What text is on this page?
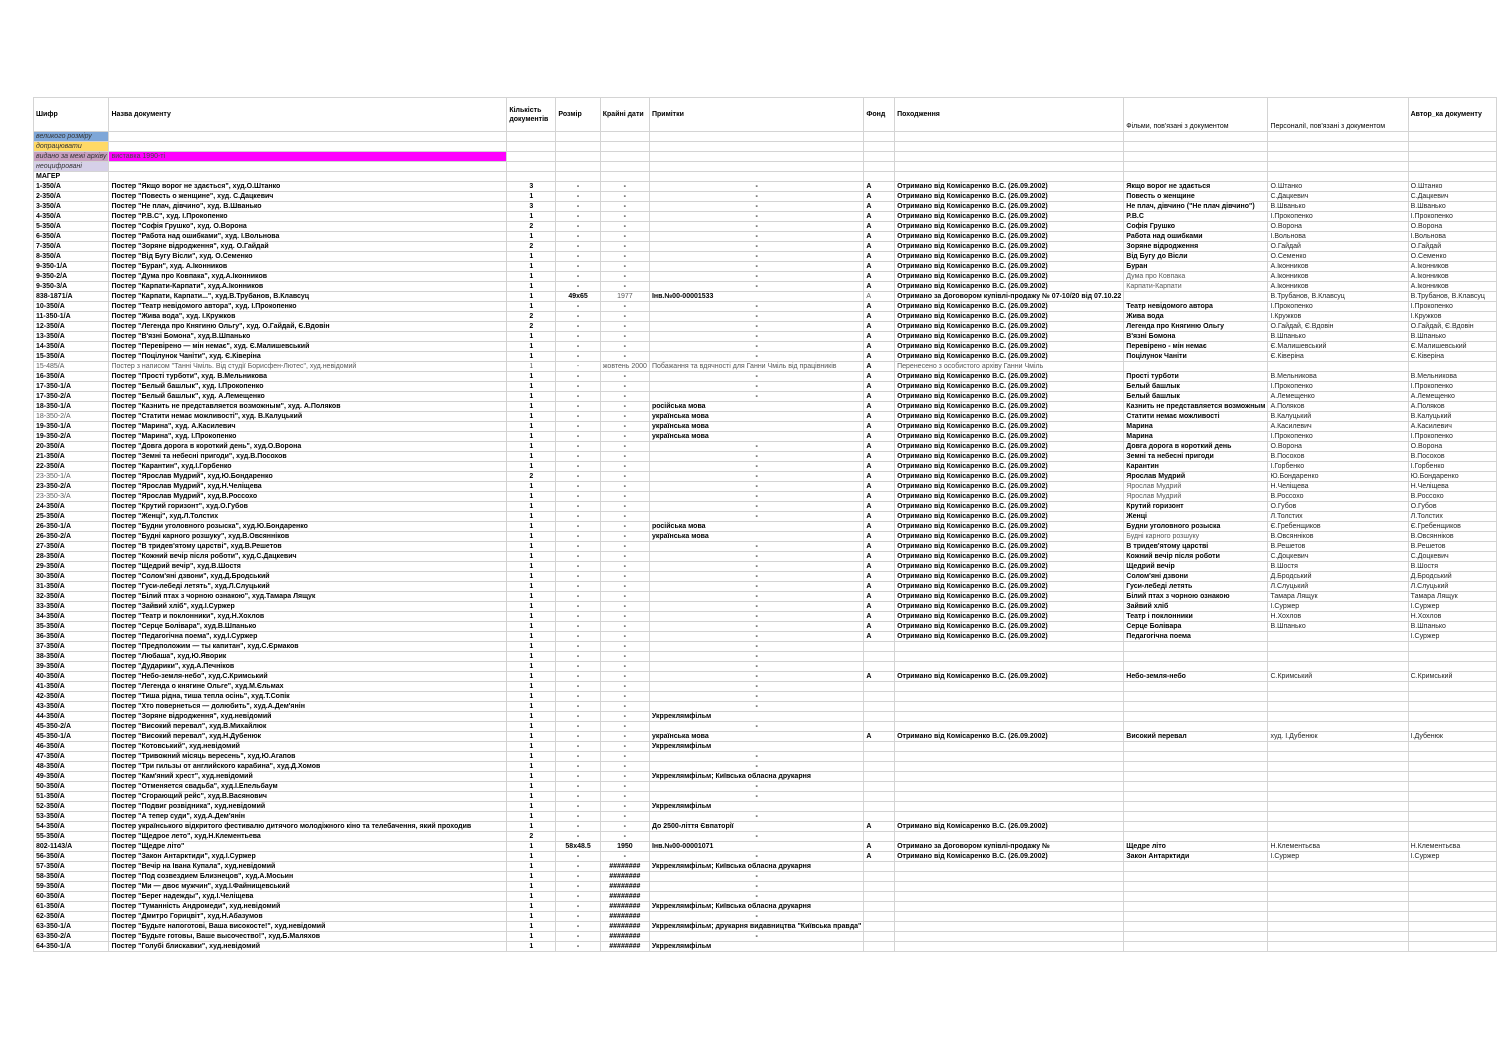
Шифр	Назва документу	Кількість документів	Розмір	Крайні дати	Примітки	Фонд	Походження	Фільми, пов'язані з документом	Персоналії, пов'язані з документом	Автор_ка документу
великого розміру										
допрацювати										
видано за межі архіву	виставка 1990-ті									
неоцифровані										
МАГЕР										
1-350/А	Постер "Якщо ворог не здається", худ.О.Штанко	3	-	-	-	А	Отримано від Комісаренко В.С. (26.09.2002)	Якщо ворог не здається	О.Штанко	О.Штанко
2-350/А	Постер "Повесть о женщине", худ. С.Дацкевич	1	-	-	-	А	Отримано від Комісаренко В.С. (26.09.2002)	Повесть о женщине	С.Дацкевич	С.Дацкевич
3-350/А	Постер "Не плач, дівчино", худ. В.Шванько	3	-	-	-	А	Отримано від Комісаренко В.С. (26.09.2002)	Не плач, дівчино ("Не плач дівчино")	В.Шванько	В.Шванько
4-350/А	Постер "Р.В.С", худ. І.Прокопенко	1	-	-	-	А	Отримано від Комісаренко В.С. (26.09.2002)	Р.В.С	І.Прокопенко	І.Прокопенко
5-350/А	Постер "Софія Грушко", худ. О.Ворона	2	-	-	-	А	Отримано від Комісаренко В.С. (26.09.2002)	Софія Грушко	О.Ворона	О.Ворона
6-350/А	Постер "Работа над ошибками", худ. І.Вольнова	1	-	-	-	А	Отримано від Комісаренко В.С. (26.09.2002)	Работа над ошибками	І.Вольнова	І.Вольнова
7-350/А	Постер "Зоряне відродження", худ. О.Гайдай	2	-	-	-	А	Отримано від Комісаренко В.С. (26.09.2002)	Зоряне відродження	О.Гайдай	О.Гайдай
8-350/А	Постер "Від Бугу Вісли", худ. О.Семенко	1	-	-	-	А	Отримано від Комісаренко В.С. (26.09.2002)	Від Бугу до Вісли	О.Семенко	О.Семенко
9-350-1/А	Постер "Буран", худ. А.Іконников	1	-	-	-	А	Отримано від Комісаренко В.С. (26.09.2002)	Буран	А.Іконников	А.Іконников
9-350-2/А	Постер "Дума про Ковпака", худ.А.Іконников	1	-	-	-	А	Отримано від Комісаренко В.С. (26.09.2002)	Дума про Ковпака	А.Іконников	А.Іконников
9-350-3/А	Постер "Карпати-Карпати", худ.А.Іконников	1	-	-	-	А	Отримано від Комісаренко В.С. (26.09.2002)	Карпати-Карпати	А.Іконников	А.Іконников
838-1871/А	Постер "Карпати, Карпати...", худ.В.Трубанов, В.Клавсуц	1	49х65	1977	Інв.№00-00001533	А	Отримано за Договором купівлі-продажу № 07-10/20 від 07.10.22		В.Трубанов, В.Клавсуц	В.Трубанов, В.Клавсуц
10-350/А	Постер "Театр невідомого автора", худ. І.Прокопенко	1	-	-	-	А	Отримано від Комісаренко В.С. (26.09.2002)	Театр невідомого автора	І.Прокопенко	І.Прокопенко
11-350-1/А	Постер "Жива вода", худ. І.Кружков	2	-	-	-	А	Отримано від Комісаренко В.С. (26.09.2002)	Жива вода	І.Кружков	І.Кружков
12-350/А	Постер "Легенда про Княгиню Ольгу", худ. О.Гайдай, Є.Вдовін	2	-	-	-	А	Отримано від Комісаренко В.С. (26.09.2002)	Легенда про Княгиню Ольгу	О.Гайдай, Є.Вдовін	О.Гайдай, Є.Вдовін
13-350/А	Постер "В'язні Бомона", худ.В.Шпанько	1	-	-	-	А	Отримано від Комісаренко В.С. (26.09.2002)	В'язні Бомона	В.Шпанько	В.Шпанько
14-350/А	Постер "Перевірено — мін немає", худ. Є.Малишевський	1	-	-	-	А	Отримано від Комісаренко В.С. (26.09.2002)	Перевірено - мін немає	Є.Малишевський	Є.Малишевський
15-350/А	Постер "Поцілунок Чаніти", худ. Є.Ківеріна	1	-	-	-	А	Отримано від Комісаренко В.С. (26.09.2002)	Поцілунок Чаніти	Є.Ківеріна	Є.Ківеріна
15-485/А	Постер з написом "Танні Чміль. Від студії Борисфен-Лютес", худ.невідомий	1	-	жовтень 2000	Побажання та вдячності для Ганни Чміль від працівників	А	Перенесено з особистого архіву Ганни Чміль			
16-350/А	Постер "Прості турботи", худ. В.Мельникова	1	-	-	-	А	Отримано від Комісаренко В.С. (26.09.2002)	Прості турботи	В.Мельникова	В.Мельникова
17-350-1/А	Постер "Белый башлык", худ. І.Прокопенко	1	-	-	-	А	Отримано від Комісаренко В.С. (26.09.2002)	Белый башлык	І.Прокопенко	І.Прокопенко
17-350-2/А	Постер "Белый башлык", худ. А.Лемещенко	1	-	-	-	А	Отримано від Комісаренко В.С. (26.09.2002)	Белый башлык	А.Лемещенко	А.Лемещенко
18-350-1/А	Постер "Казнить не представляется возможным", худ. А.Поляков	1	-	-	російська мова	А	Отримано від Комісаренко В.С. (26.09.2002)	Казнить не представляется возможным	А.Поляков	А.Поляков
18-350-2/А	Постер "Статити немає можливості", худ. В.Калуцький	1	-	-	українська мова	А	Отримано від Комісаренко В.С. (26.09.2002)	Статити немає можливості	В.Калуцький	В.Калуцький
19-350-1/А	Постер "Марина", худ. А.Касилевич	1	-	-	українська мова	А	Отримано від Комісаренко В.С. (26.09.2002)	Марина	А.Касилевич	А.Касилевич
19-350-2/А	Постер "Марина", худ. І.Прокопенко	1	-	-	українська мова	А	Отримано від Комісаренко В.С. (26.09.2002)	Марина	І.Прокопенко	І.Прокопенко
20-350/А	Постер "Довга дорога в короткий день", худ.О.Ворона	1	-	-	-	А	Отримано від Комісаренко В.С. (26.09.2002)	Довга дорога в короткий день	О.Ворона	О.Ворона
21-350/А	Постер "Земні та небесні пригоди", худ.В.Посохов	1	-	-	-	А	Отримано від Комісаренко В.С. (26.09.2002)	Земні та небесні пригоди	В.Посохов	В.Посохов
22-350/А	Постер "Карантин", худ.І.Горбенко	1	-	-	-	А	Отримано від Комісаренко В.С. (26.09.2002)	Карантин	І.Горбенко	І.Горбенко
23-350-1/А	Постер "Ярослав Мудрий", худ.Ю.Бондаренко	2	-	-	-	А	Отримано від Комісаренко В.С. (26.09.2002)	Ярослав Мудрий	Ю.Бондаренко	Ю.Бондаренко
23-350-2/А	Постер "Ярослав Мудрий", худ.Н.Челіщева	1	-	-	-	А	Отримано від Комісаренко В.С. (26.09.2002)	Ярослав Мудрий	Н.Челіщева	Н.Челіщева
23-350-3/А	Постер "Ярослав Мудрий", худ.В.Россохо	1	-	-	-	А	Отримано від Комісаренко В.С. (26.09.2002)	Ярослав Мудрий	В.Россохо	В.Россохо
24-350/А	Постер "Крутий горизонт", худ.О.Губов	1	-	-	-	А	Отримано від Комісаренко В.С. (26.09.2002)	Крутий горизонт	О.Губов	О.Губов
25-350/А	Постер "Женці", худ.Л.Толстих	1	-	-	-	А	Отримано від Комісаренко В.С. (26.09.2002)	Женці	Л.Толстих	Л.Толстих
26-350-1/А	Постер "Будни уголовного розыска", худ.Ю.Бондаренко	1	-	-	російська мова	А	Отримано від Комісаренко В.С. (26.09.2002)	Будни уголовного розыска	Є.Гребенщиков	Є.Гребенщиков
26-350-2/А	Постер "Будні карного розшуку", худ.В.Овсянніков	1	-	-	українська мова	А	Отримано від Комісаренко В.С. (26.09.2002)	Будні карного розшуку	В.Овсянніков	В.Овсянніков
27-350/А	Постер "В тридев'ятому царстві", худ.В.Решетов	1	-	-	-	А	Отримано від Комісаренко В.С. (26.09.2002)	В тридев'ятому царстві	В.Решетов	В.Решетов
28-350/А	Постер "Кожний вечір після роботи", худ.С.Дацкевич	1	-	-	-	А	Отримано від Комісаренко В.С. (26.09.2002)	Кожний вечір після роботи	С.Доцкевич	С.Доцкевич
29-350/А	Постер "Щедрий вечір", худ.В.Шостя	1	-	-	-	А	Отримано від Комісаренко В.С. (26.09.2002)	Щедрий вечір	В.Шостя	В.Шостя
30-350/А	Постер "Солом'яні дзвони", худ.Д.Бродський	1	-	-	-	А	Отримано від Комісаренко В.С. (26.09.2002)	Солом'яні дзвони	Д.Бродський	Д.Бродський
31-350/А	Постер "Гуси-лебеді летять", худ.Л.Слуцький	1	-	-	-	А	Отримано від Комісаренко В.С. (26.09.2002)	Гуси-лебеді летять	Л.Слуцький	Л.Слуцький
32-350/А	Постер "Білий птах з чорною ознакою", худ.Тамара Лящук	1	-	-	-	А	Отримано від Комісаренко В.С. (26.09.2002)	Білий птах з чорною ознакою	Тамара Лящук	Тамара Лящук
33-350/А	Постер "Зайвий хліб", худ.І.Суржер	1	-	-	-	А	Отримано від Комісаренко В.С. (26.09.2002)	Зайвий хліб	І.Суржер	І.Суржер
34-350/А	Постер "Театр и поклонники", худ.Н.Хохлов	1	-	-	-	А	Отримано від Комісаренко В.С. (26.09.2002)	Театр і поклонники	Н.Хохлов	Н.Хохлов
35-350/А	Постер "Серце Болівара", худ.В.Шпанько	1	-	-	-	А	Отримано від Комісаренко В.С. (26.09.2002)	Серце Болівара	В.Шпанько	В.Шпанько
36-350/А	Постер "Педагогічна поема", худ.І.Суржер	1	-	-	-	А	Отримано від Комісаренко В.С. (26.09.2002)	Педагогічна поема		І.Суржер
37-350/А	Постер "Предположим — ты капитан", худ.С.Єрмаков	1	-	-	-					
38-350/А	Постер "Любаша", худ.Ю.Яворик	1	-	-	-					
39-350/А	Постер "Дударики", худ.А.Печніков	1	-	-	-					
40-350/А	Постер "Небо-земля-небо", худ.С.Кримський	1	-	-	-	А	Отримано від Комісаренко В.С. (26.09.2002)	Небо-земля-небо	С.Кримський	С.Кримський
41-350/А	Постер "Легенда о княгине Ольге", худ.М.Єльмах	1	-	-	-					
42-350/А	Постер "Тиша рідна, тиша тепла осінь", худ.Т.Сопік	1	-	-	-					
43-350/А	Постер "Хто повернеться — долюбить", худ.А.Дем'янін	1	-	-	-					
44-350/А	Постер "Зоряне відродження", худ.невідомий	1	-	-	Укрреклямфільм					
45-350-2/А	Постер "Високий перевал", худ.В.Михайлюк	1	-	-	-					
45-350-1/А	Постер "Високий перевал", худ.Н.Дубенюк	1	-	-	українська мова	А	Отримано від Комісаренко В.С. (26.09.2002)	Високий перевал	худ. І.Дубенюк	І.Дубенюк
46-350/А	Постер "Котовський", худ.невідомий	1	-	-	Укрреклямфільм					
47-350/А	Постер "Тривожний місяць вересень", худ.Ю.Агапов	1	-	-	-					
48-350/А	Постер "Три гильзы от английского карабина", худ.Д.Хомов	1	-	-	-					
49-350/А	Постер "Кам'яний хрест", худ.невідомий	1	-	-	Укрреклямфільм; Київська обласна друкарня					
50-350/А	Постер "Отменяется свадьба", худ.І.Епельбаум	1	-	-	-					
51-350/А	Постер "Сгорающий рейс", худ.В.Васянович	1	-	-	-					
52-350/А	Постер "Подвиг розвідника", худ.невідомий	1	-	-	Укрреклямфільм					
53-350/А	Постер "А тепер суди", худ.А.Дем'янін	1	-	-	-					
54-350/А	Постер українського відкритого фестивалю дитячого молодіжного кіно та телебачення, який проходив	1	-	-	До 2500-ліття Євпаторії	А	Отримано від Комісаренко В.С. (26.09.2002)			
55-350/А	Постер "Щедрое лето", худ.Н.Клементьева	2	-	-	-					
802-1143/А	Постер "Щедре літо"	1	58х48.5	1950	Інв.№00-00001071	А	Отримано за Договором купівлі-продажу №	Щедре літо	Н.Клементьєва	Н.Клементьєва
56-350/А	Постер "Закон Антарктиди", худ.І.Суржер	1	-	-	-	А	Отримано від Комісаренко В.С. (26.09.2002)	Закон Антарктиди	І.Суржер	І.Суржер
57-350/А	Постер "Вечір на Івана Купала", худ.невідомий	1	-	########	Укрреклямфільм; Київська обласна друкарня					
58-350/А	Постер "Под созвездием Близнецов", худ.А.Мосьин	1	-	########	-					
59-350/А	Постер "Ми — двоє мужчин", худ.І.Файнищевський	1	-	########	-					
60-350/А	Постер "Берег надежды", худ.І.Челіщева	1	-	########	-					
61-350/А	Постер "Туманність Андромеди", худ.невідомий	1	-	########	Укрреклямфільм; Київська обласна друкарня					
62-350/А	Постер "Дмитро Горицвіт", худ.Н.Абазумов	1	-	########	-					
63-350-1/А	Постер "Будьте напоготові, Ваша високосте!", худ.невідомий	1	-	########	Укрреклямфільм; друкарня видавництва "Київська правда"					
63-350-2/А	Постер "Будьте готовы, Ваше высочество!", худ.Б.Маляхов	1	-	########	-					
64-350-1/А	Постер "Голубі блискавки", худ.невідомий	1	-	########	Укрреклямфільм					
